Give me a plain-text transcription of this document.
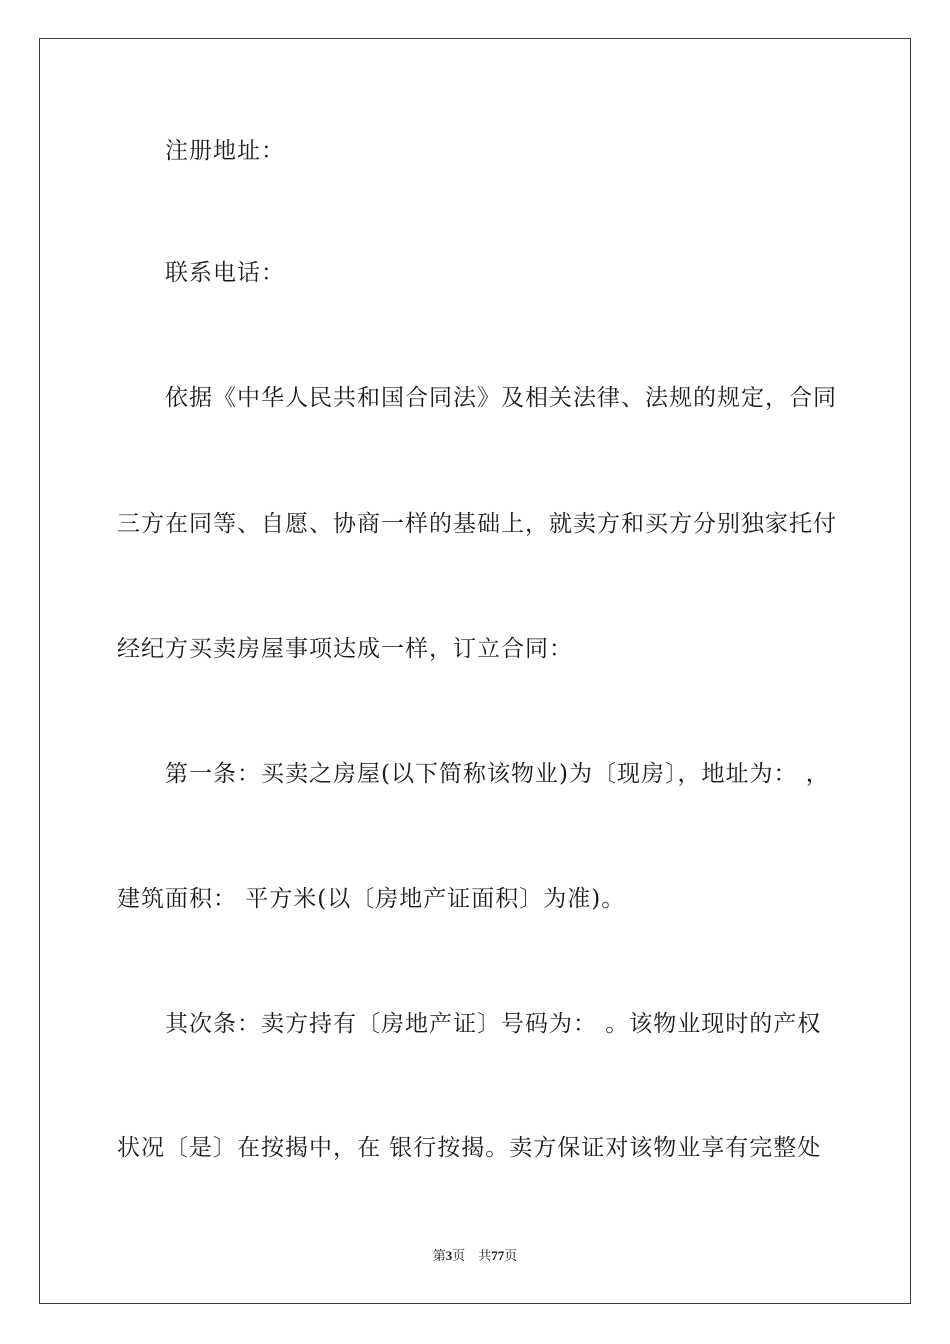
注册地址：
联系电话：
依据《中华人民共和国合同法》及相关法律、法规的规定，合同
三方在同等、自愿、协商一样的基础上，就卖方和买方分别独家托付
经纪方买卖房屋事项达成一样，订立合同：
第一条：买卖之房屋(以下简称该物业)为〔现房〕，地址为： ，
建筑面积： 平方米(以〔房地产证面积〕为准)。
其次条：卖方持有〔房地产证〕号码为： 。该物业现时的产权
状况〔是〕在按揭中，在 银行按揭。卖方保证对该物业享有完整处
第3页 共77页
